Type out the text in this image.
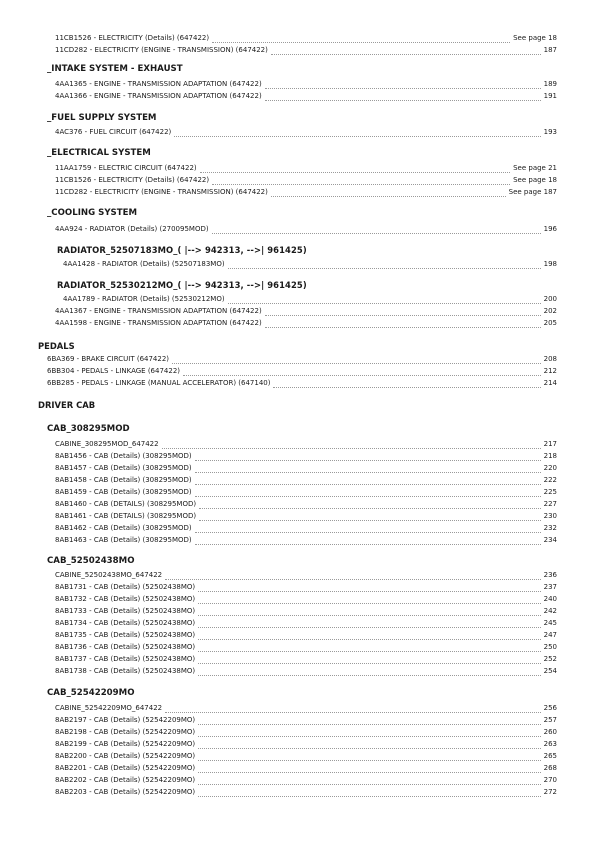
11CB1526 - ELECTRICITY (Details) (647422)	See page 18
11CD282 - ELECTRICITY (ENGINE - TRANSMISSION) (647422)	187
_INTAKE SYSTEM - EXHAUST
4AA1365 - ENGINE - TRANSMISSION ADAPTATION (647422)	189
4AA1366 - ENGINE - TRANSMISSION ADAPTATION (647422)	191
_FUEL SUPPLY SYSTEM
4AC376 - FUEL CIRCUIT (647422)	193
_ELECTRICAL SYSTEM
11AA1759 - ELECTRIC CIRCUIT (647422)	See page 21
11CB1526 - ELECTRICITY (Details) (647422)	See page 18
11CD282 - ELECTRICITY (ENGINE - TRANSMISSION) (647422)	See page 187
_COOLING SYSTEM
4AA924 - RADIATOR (Details) (270095MOD)	196
RADIATOR_52507183MO_( |--> 942313, -->| 961425)
4AA1428 - RADIATOR (Details) (52507183MO)	198
RADIATOR_52530212MO_( |--> 942313, -->| 961425)
4AA1789 - RADIATOR (Details) (52530212MO)	200
4AA1367 - ENGINE - TRANSMISSION ADAPTATION (647422)	202
4AA1598 - ENGINE - TRANSMISSION ADAPTATION (647422)	205
PEDALS
6BA369 - BRAKE CIRCUIT (647422)	208
6BB304 - PEDALS - LINKAGE (647422)	212
6BB285 - PEDALS - LINKAGE (MANUAL ACCELERATOR) (647140)	214
DRIVER CAB
CAB_308295MOD
CABINE_308295MOD_647422	217
8AB1456 - CAB (Details) (308295MOD)	218
8AB1457 - CAB (Details) (308295MOD)	220
8AB1458 - CAB (Details) (308295MOD)	222
8AB1459 - CAB (Details) (308295MOD)	225
8AB1460 - CAB (DETAILS) (308295MOD)	227
8AB1461 - CAB (DETAILS) (308295MOD)	230
8AB1462 - CAB (Details) (308295MOD)	232
8AB1463 - CAB (Details) (308295MOD)	234
CAB_52502438MO
CABINE_52502438MO_647422	236
8AB1731 - CAB (Details) (52502438MO)	237
8AB1732 - CAB (Details) (52502438MO)	240
8AB1733 - CAB (Details) (52502438MO)	242
8AB1734 - CAB (Details) (52502438MO)	245
8AB1735 - CAB (Details) (52502438MO)	247
8AB1736 - CAB (Details) (52502438MO)	250
8AB1737 - CAB (Details) (52502438MO)	252
8AB1738 - CAB (Details) (52502438MO)	254
CAB_52542209MO
CABINE_52542209MO_647422	256
8AB2197 - CAB (Details) (52542209MO)	257
8AB2198 - CAB (Details) (52542209MO)	260
8AB2199 - CAB (Details) (52542209MO)	263
8AB2200 - CAB (Details) (52542209MO)	265
8AB2201 - CAB (Details) (52542209MO)	268
8AB2202 - CAB (Details) (52542209MO)	270
8AB2203 - CAB (Details) (52542209MO)	272
